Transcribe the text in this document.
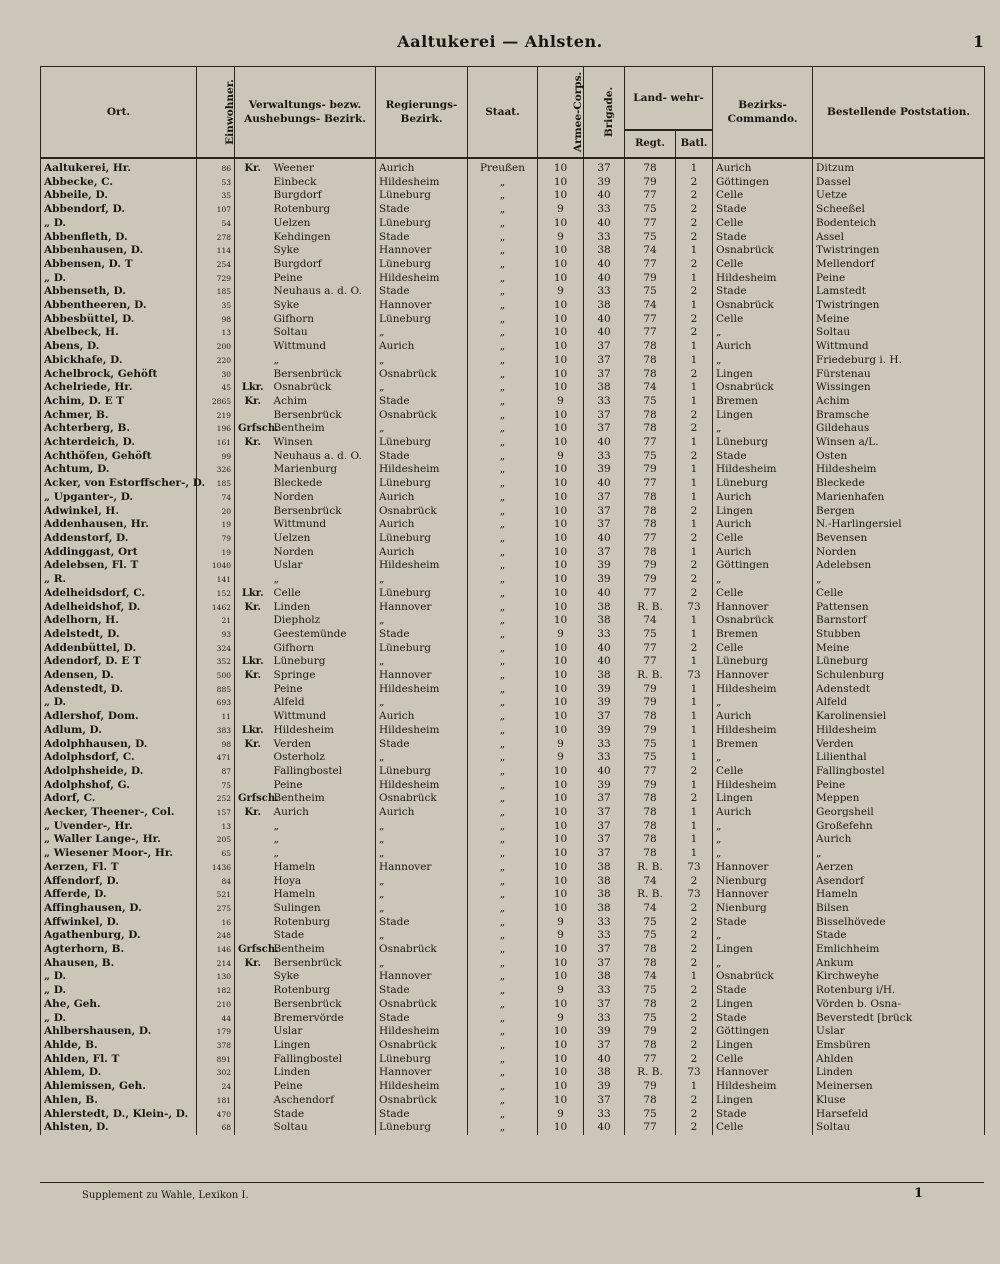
Aaltukerei — Ahlsten.	1
Ort.	Einwohner.	Verwaltungs- bezw. Aushebungs- Bezirk.		Regierungs- Bezirk.	Staat.	Armee-Corps.	Brigade.	Land- wehr-		Bezirks- Commando.	Bestellende Poststation.
								Regt.	Batl.		
Aaltukerei, Hr.	86	Kr.	Weener	Aurich	Preußen	10	37	78	1	Aurich	Ditzum
Abbecke, C.	53		Einbeck	Hildesheim	„	10	39	79	2	Göttingen	Dassel
Abbeile, D.	35		Burgdorf	Lüneburg	„	10	40	77	2	Celle	Uetze
Abbendorf, D.	107		Rotenburg	Stade	„	9	33	75	2	Stade	Scheeßel
„ D.	54		Uelzen	Lüneburg	„	10	40	77	2	Celle	Bodenteich
Abbenfleth, D.	278		Kehdingen	Stade	„	9	33	75	2	Stade	Assel
Abbenhausen, D.	114		Syke	Hannover	„	10	38	74	1	Osnabrück	Twistringen
Abbensen, D. T	254		Burgdorf	Lüneburg	„	10	40	77	2	Celle	Mellendorf
„ D.	729		Peine	Hildesheim	„	10	40	79	1	Hildesheim	Peine
Abbenseth, D.	185		Neuhaus a. d. O.	Stade	„	9	33	75	2	Stade	Lamstedt
Abbentheeren, D.	35		Syke	Hannover	„	10	38	74	1	Osnabrück	Twistringen
Abbesbüttel, D.	98		Gifhorn	Lüneburg	„	10	40	77	2	Celle	Meine
Abelbeck, H.	13		Soltau	„	„	10	40	77	2	„	Soltau
Abens, D.	200		Wittmund	Aurich	„	10	37	78	1	Aurich	Wittmund
Abickhafe, D.	220		„	„	„	10	37	78	1	„	Friedeburg i. H.
Achelbrock, Gehöft	30		Bersenbrück	Osnabrück	„	10	37	78	2	Lingen	Fürstenau
Achelriede, Hr.	45	Lkr.	Osnabrück	„	„	10	38	74	1	Osnabrück	Wissingen
Achim, D. E T	2865	Kr.	Achim	Stade	„	9	33	75	1	Bremen	Achim
Achmer, B.	219		Bersenbrück	Osnabrück	„	10	37	78	2	Lingen	Bramsche
Achterberg, B.	196	Grfsch.	Bentheim	„	„	10	37	78	2	„	Gildehaus
Achterdeich, D.	161	Kr.	Winsen	Lüneburg	„	10	40	77	1	Lüneburg	Winsen a/L.
Achthöfen, Gehöft	99		Neuhaus a. d. O.	Stade	„	9	33	75	2	Stade	Osten
Achtum, D.	326		Marienburg	Hildesheim	„	10	39	79	1	Hildesheim	Hildesheim
Acker, von Estorffscher-, D.	185		Bleckede	Lüneburg	„	10	40	77	1	Lüneburg	Bleckede
„ Upganter-, D.	74		Norden	Aurich	„	10	37	78	1	Aurich	Marienhafen
Adwinkel, H.	20		Bersenbrück	Osnabrück	„	10	37	78	2	Lingen	Bergen
Addenhausen, Hr.	19		Wittmund	Aurich	„	10	37	78	1	Aurich	N.-Harlingersiel
Addenstorf, D.	79		Uelzen	Lüneburg	„	10	40	77	2	Celle	Bevensen
Addinggast, Ort	19		Norden	Aurich	„	10	37	78	1	Aurich	Norden
Adelebsen, Fl. T	1040		Uslar	Hildesheim	„	10	39	79	2	Göttingen	Adelebsen
„ R.	141		„	„	„	10	39	79	2	„	„
Adelheidsdorf, C.	152	Lkr.	Celle	Lüneburg	„	10	40	77	2	Celle	Celle
Adelheidshof, D.	1462	Kr.	Linden	Hannover	„	10	38	R. B.	73	Hannover	Pattensen
Adelhorn, H.	21		Diepholz	„	„	10	38	74	1	Osnabrück	Barnstorf
Adelstedt, D.	93		Geestemünde	Stade	„	9	33	75	1	Bremen	Stubben
Addenbüttel, D.	324		Gifhorn	Lüneburg	„	10	40	77	2	Celle	Meine
Adendorf, D. E T	352	Lkr.	Lüneburg	„	„	10	40	77	1	Lüneburg	Lüneburg
Adensen, D.	500	Kr.	Springe	Hannover	„	10	38	R. B.	73	Hannover	Schulenburg
Adenstedt, D.	885		Peine	Hildesheim	„	10	39	79	1	Hildesheim	Adenstedt
„ D.	693		Alfeld	„	„	10	39	79	1	„	Alfeld
Adlershof, Dom.	11		Wittmund	Aurich	„	10	37	78	1	Aurich	Karolinensiel
Adlum, D.	383	Lkr.	Hildesheim	Hildesheim	„	10	39	79	1	Hildesheim	Hildesheim
Adolphhausen, D.	98	Kr.	Verden	Stade	„	9	33	75	1	Bremen	Verden
Adolphsdorf, C.	471		Osterholz	„	„	9	33	75	1	„	Lilienthal
Adolphsheide, D.	87		Fallingbostel	Lüneburg	„	10	40	77	2	Celle	Fallingbostel
Adolphshof, G.	75		Peine	Hildesheim	„	10	39	79	1	Hildesheim	Peine
Adorf, C.	252	Grfsch.	Bentheim	Osnabrück	„	10	37	78	2	Lingen	Meppen
Aecker, Theener-, Col.	157	Kr.	Aurich	Aurich	„	10	37	78	1	Aurich	Georgsheil
„ Uvender-, Hr.	13		„	„	„	10	37	78	1	„	Großefehn
„ Waller Lange-, Hr.	205		„	„	„	10	37	78	1	„	Aurich
„ Wiesener Moor-, Hr.	65		„	„	„	10	37	78	1	„	„
Aerzen, Fl. T	1436		Hameln	Hannover	„	10	38	R. B.	73	Hannover	Aerzen
Affendorf, D.	84		Hoya	„	„	10	38	74	2	Nienburg	Asendorf
Afferde, D.	521		Hameln	„	„	10	38	R. B.	73	Hannover	Hameln
Affinghausen, D.	275		Sulingen	„	„	10	38	74	2	Nienburg	Bilsen
Affwinkel, D.	16		Rotenburg	Stade	„	9	33	75	2	Stade	Bisselhövede
Agathenburg, D.	248		Stade	„	„	9	33	75	2	„	Stade
Agterhorn, B.	146	Grfsch.	Bentheim	Osnabrück	„	10	37	78	2	Lingen	Emlichheim
Ahausen, B.	214	Kr.	Bersenbrück	„	„	10	37	78	2	„	Ankum
„ D.	130		Syke	Hannover	„	10	38	74	1	Osnabrück	Kirchweyhe
„ D.	182		Rotenburg	Stade	„	9	33	75	2	Stade	Rotenburg i/H.
Ahe, Geh.	210		Bersenbrück	Osnabrück	„	10	37	78	2	Lingen	Vörden b. Osna-
„ D.	44		Bremervörde	Stade	„	9	33	75	2	Stade	Beverstedt [brück
Ahlbershausen, D.	179		Uslar	Hildesheim	„	10	39	79	2	Göttingen	Uslar
Ahlde, B.	378		Lingen	Osnabrück	„	10	37	78	2	Lingen	Emsbüren
Ahlden, Fl. T	891		Fallingbostel	Lüneburg	„	10	40	77	2	Celle	Ahlden
Ahlem, D.	302		Linden	Hannover	„	10	38	R. B.	73	Hannover	Linden
Ahlemissen, Geh.	24		Peine	Hildesheim	„	10	39	79	1	Hildesheim	Meinersen
Ahlen, B.	181		Aschendorf	Osnabrück	„	10	37	78	2	Lingen	Kluse
Ahlerstedt, D., Klein-, D.	470		Stade	Stade	„	9	33	75	2	Stade	Harsefeld
Ahlsten, D.	68		Soltau	Lüneburg	„	10	40	77	2	Celle	Soltau
Supplement zu Wahle, Lexikon I.	1
